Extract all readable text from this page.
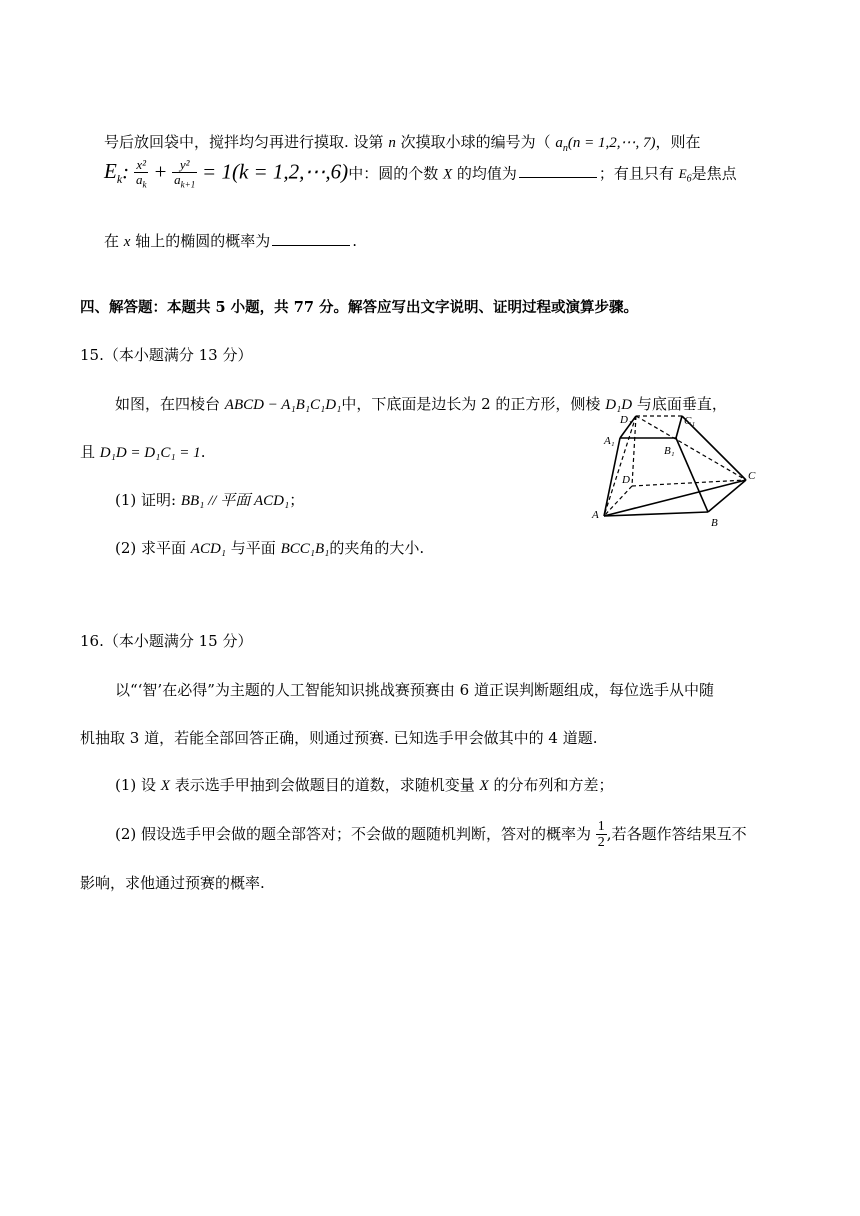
号后放回袋中，搅拌均匀再进行摸取. 设第 n 次摸取小球的编号为（ $a_n(n$ = 1,2,⋯, 7)，则在
$E_k$: $\frac{\text{x²}}{a_k} + \frac{\text{y²}}{a_{k+1}} = 1(k$ = 1,2,⋯,6)中：圆的个数 X 的均值为	；有且只有 $E_6$是焦点
在 x 轴上的椭圆的概率为	.
四、解答题：本题共 5 小题，共 77 分。解答应写出文字说明、证明过程或演算步骤。
15.（本小题满分 13 分）
如图，在四棱台 ABCD − A₁B₁C₁D₁中，下底面是边长为 2 的正方形，侧棱 D₁D 与底面垂直，
且 D₁D = D₁C₁ = 1.
(1) 证明: BB₁ // 平面 ACD₁；
(2) 求平面 ACD₁ 与平面 BCC₁B₁的夹角的大小.
A
B
C
D
A₁
B₁
C₁
D₁
16.（本小题满分 15 分）
以“‘智’在必得”为主题的人工智能知识挑战赛预赛由 6 道正误判断题组成，每位选手从中随
机抽取 3 道，若能全部回答正确，则通过预赛. 已知选手甲会做其中的 4 道题.
(1) 设 X 表示选手甲抽到会做题目的道数，求随机变量 X 的分布列和方差；
(2) 假设选手甲会做的题全部答对；不会做的题随机判断，答对的概率为 $\frac{1}{2}$ ,若各题作答结果互不
影响，求他通过预赛的概率.
